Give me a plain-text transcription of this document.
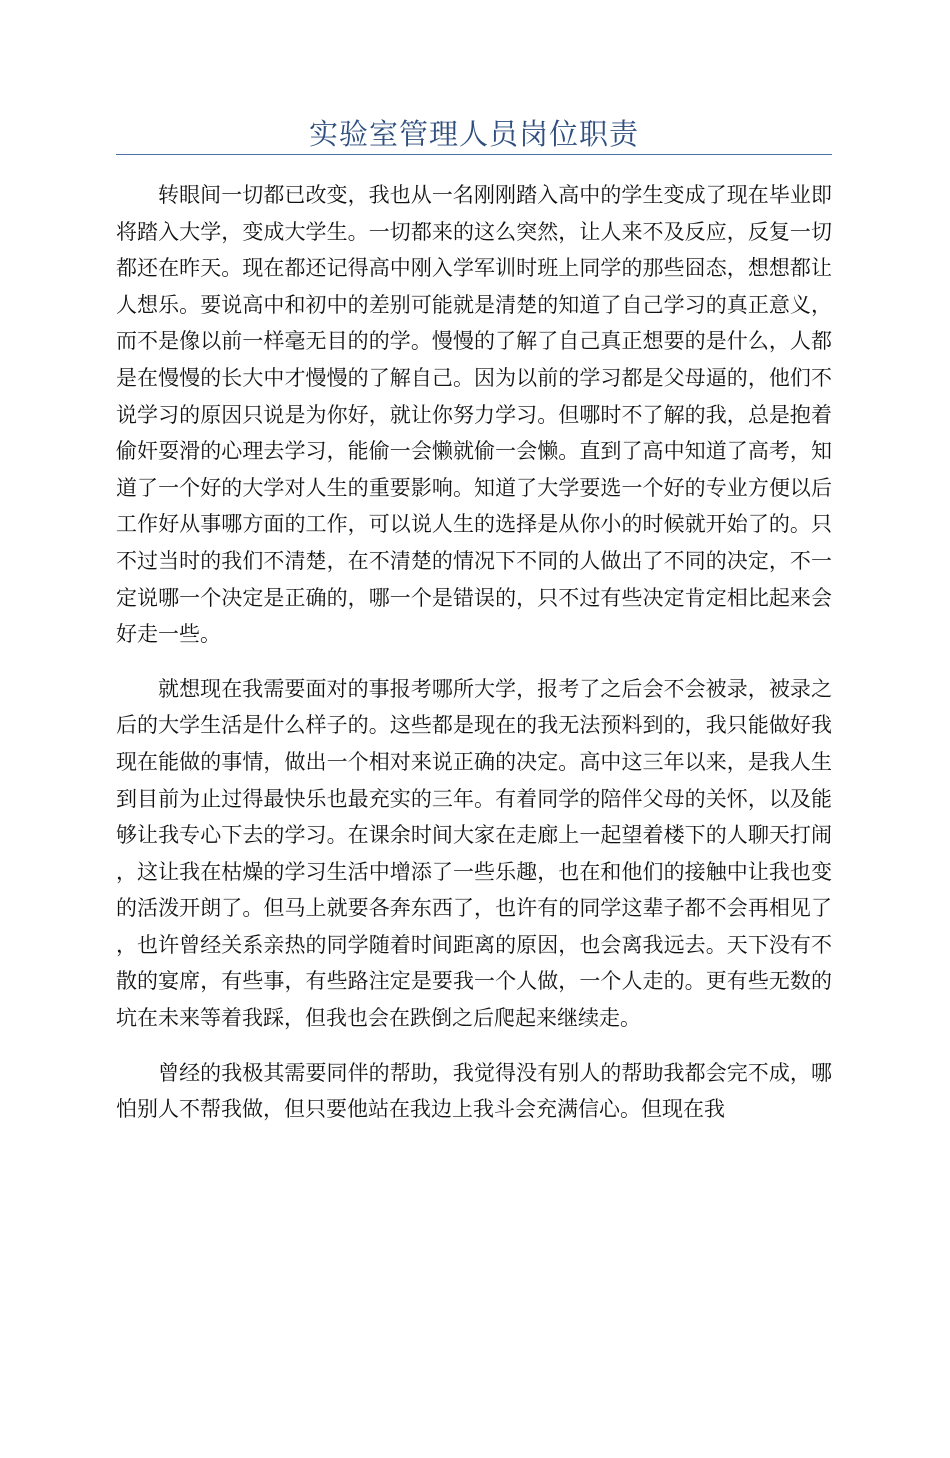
实验室管理人员岗位职责

转眼间一切都已改变，我也从一名刚刚踏入高中的学生变成了现在毕业即将踏入大学，变成大学生。一切都来的这么突然，让人来不及反应，反复一切都还在昨天。现在都还记得高中刚入学军训时班上同学的那些囧态，想想都让人想乐。要说高中和初中的差别可能就是清楚的知道了自己学习的真正意义，而不是像以前一样毫无目的的学。慢慢的了解了自己真正想要的是什么，人都是在慢慢的长大中才慢慢的了解自己。因为以前的学习都是父母逼的，他们不说学习的原因只说是为你好，就让你努力学习。但哪时不了解的我，总是抱着偷奸耍滑的心理去学习，能偷一会懒就偷一会懒。直到了高中知道了高考，知道了一个好的大学对人生的重要影响。知道了大学要选一个好的专业方便以后工作好从事哪方面的工作，可以说人生的选择是从你小的时候就开始了的。只不过当时的我们不清楚，在不清楚的情况下不同的人做出了不同的决定，不一定说哪一个决定是正确的，哪一个是错误的，只不过有些决定肯定相比起来会好走一些。

就想现在我需要面对的事报考哪所大学，报考了之后会不会被录，被录之后的大学生活是什么样子的。这些都是现在的我无法预料到的，我只能做好我现在能做的事情，做出一个相对来说正确的决定。高中这三年以来，是我人生到目前为止过得最快乐也最充实的三年。有着同学的陪伴父母的关怀，以及能够让我专心下去的学习。在课余时间大家在走廊上一起望着楼下的人聊天打闹，这让我在枯燥的学习生活中增添了一些乐趣，也在和他们的接触中让我也变的活泼开朗了。但马上就要各奔东西了，也许有的同学这辈子都不会再相见了，也许曾经关系亲热的同学随着时间距离的原因，也会离我远去。天下没有不散的宴席，有些事，有些路注定是要我一个人做，一个人走的。更有些无数的坑在未来等着我踩，但我也会在跌倒之后爬起来继续走。

曾经的我极其需要同伴的帮助，我觉得没有别人的帮助我都会完不成，哪怕别人不帮我做，但只要他站在我边上我斗会充满信心。但现在我
